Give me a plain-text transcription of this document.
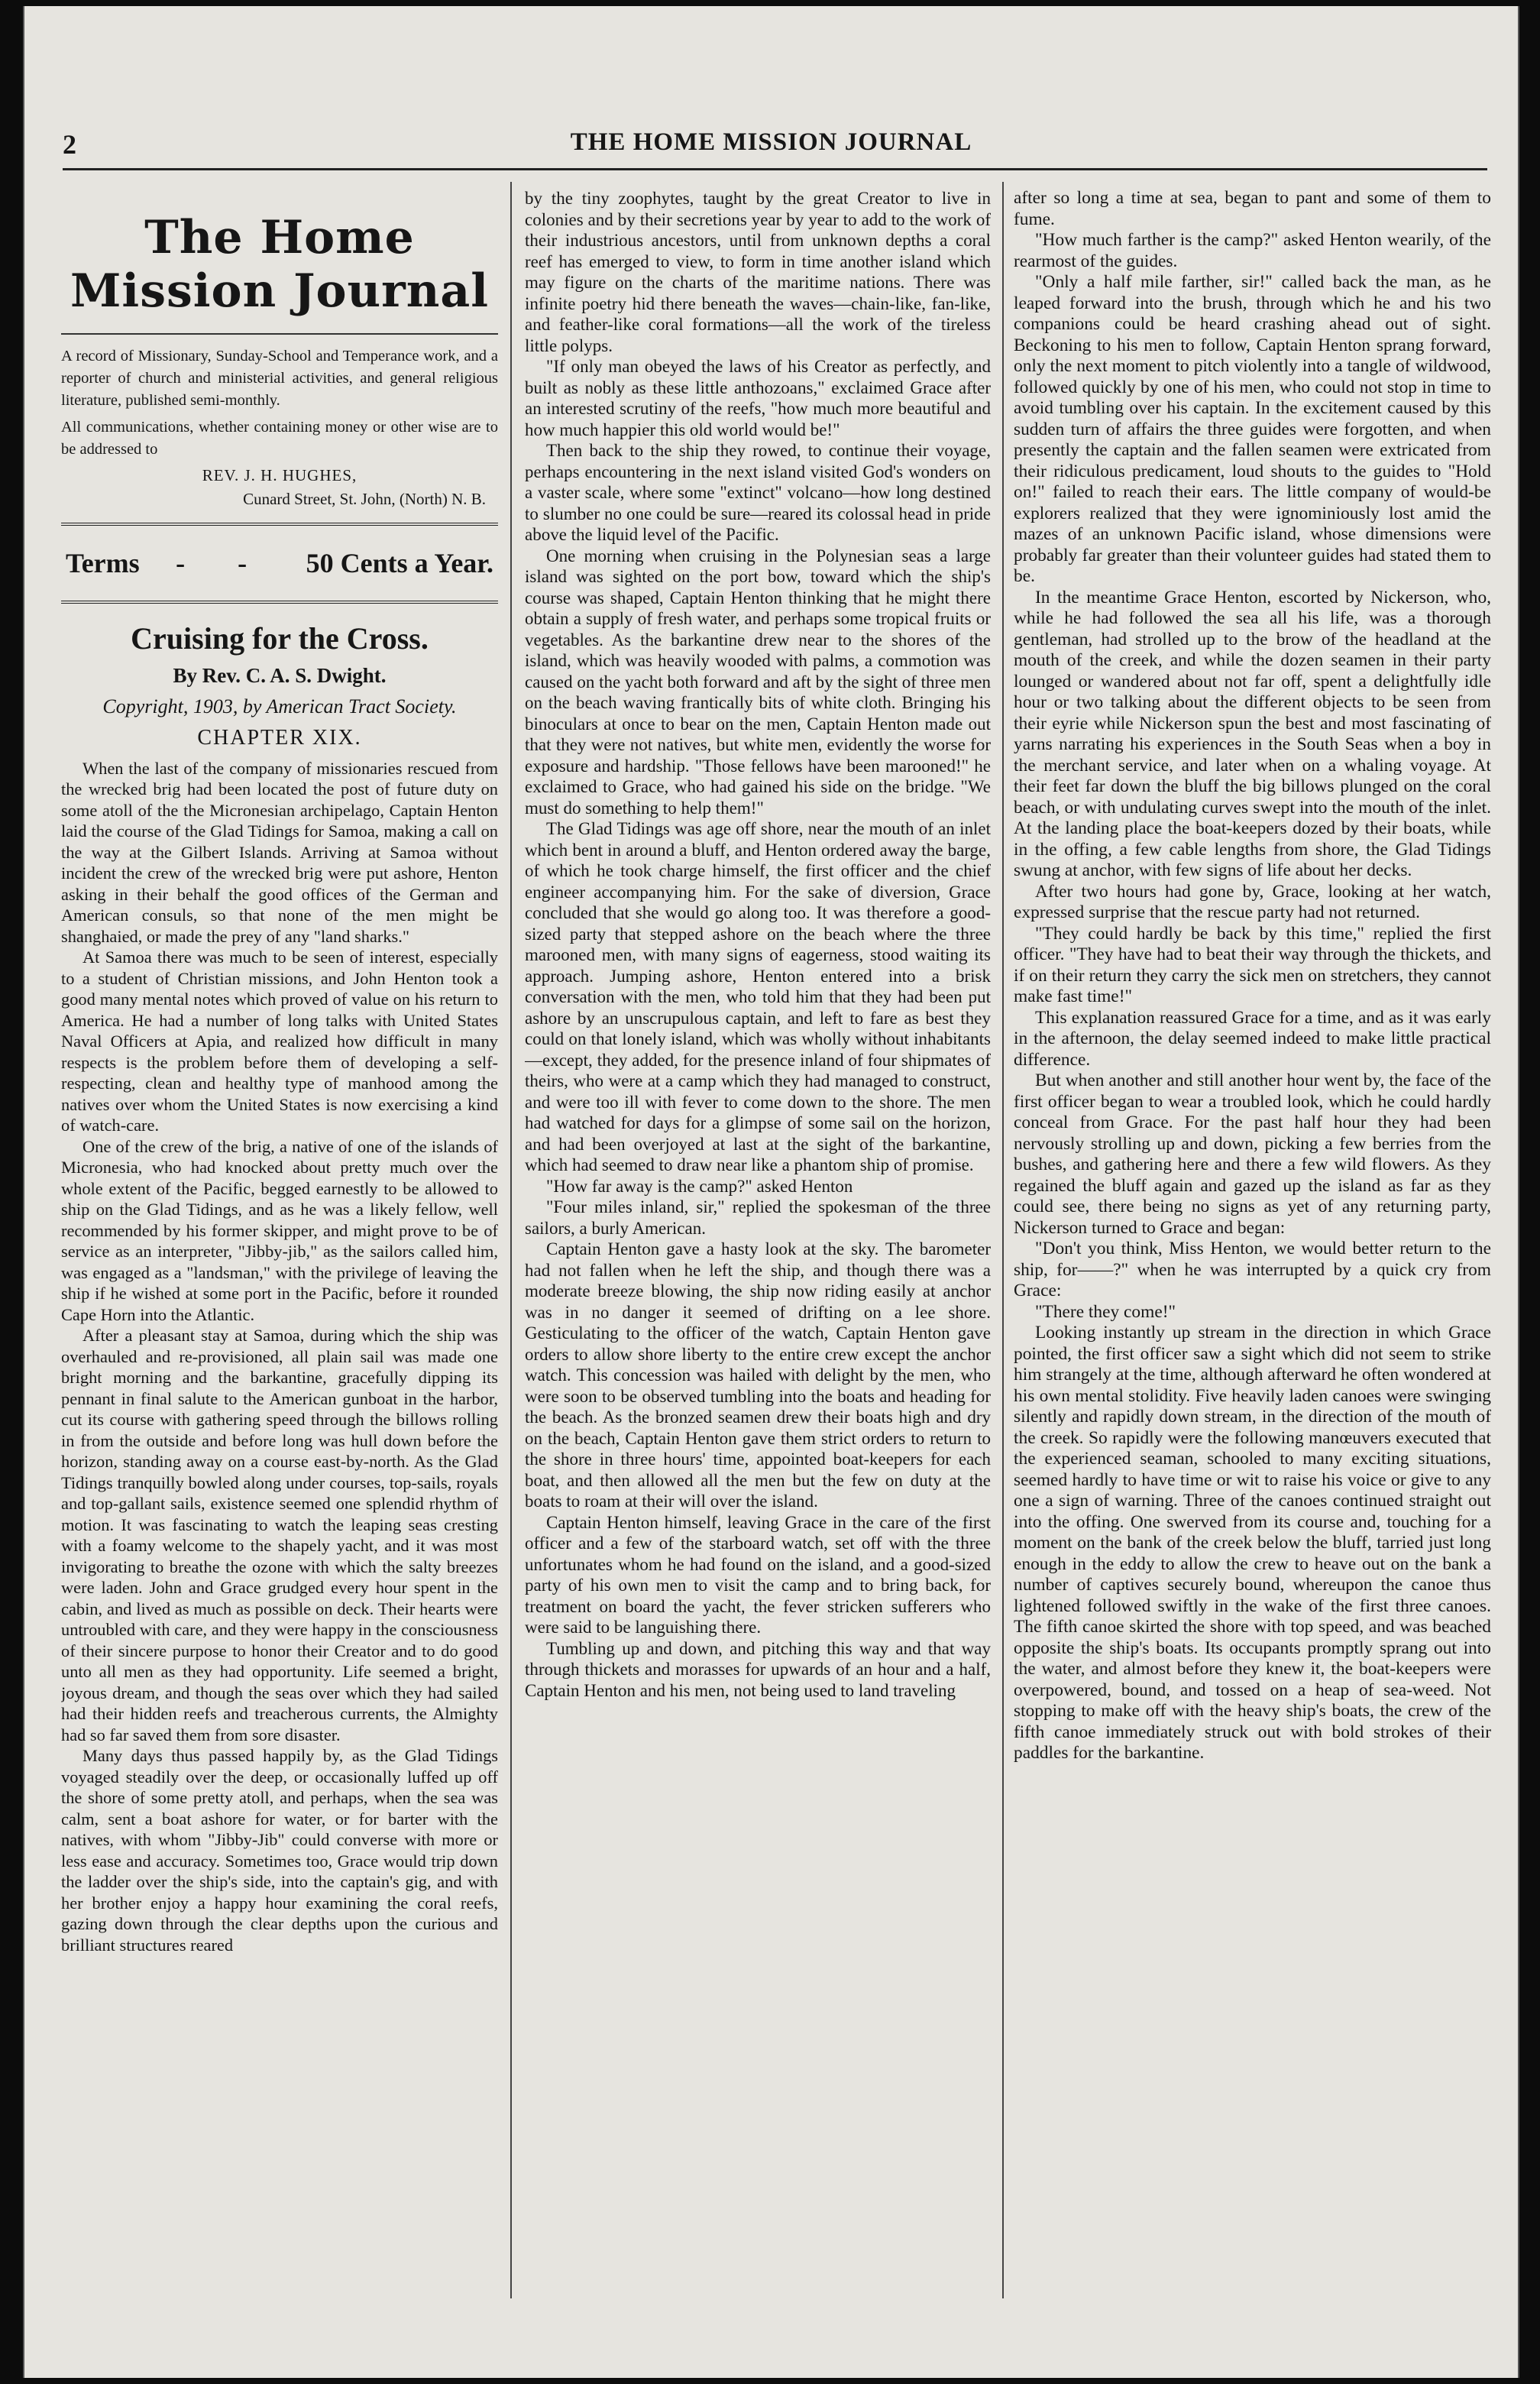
2	THE HOME MISSION JOURNAL
The Home Mission Journal

A record of Missionary, Sunday-School and Temperance work, and a reporter of church and ministerial activities, and general religious literature, published semi-monthly.

All communications, whether containing money or other wise are to be addressed to

REV. J. H. HUGHES,
Cunard Street, St. John, (North) N. B.
Terms - - 50 Cents a Year.
Cruising for the Cross.
By Rev. C. A. S. Dwight.
Copyright, 1903, by American Tract Society.
CHAPTER XIX.

When the last of the company of missionaries rescued from the wrecked brig had been located the post of future duty on some atoll of the the Micronesian archipelago, Captain Henton laid the course of the Glad Tidings for Samoa, making a call on the way at the Gilbert Islands. Arriving at Samoa without incident the crew of the wrecked brig were put ashore, Henton asking in their behalf the good offices of the German and American consuls, so that none of the men might be shanghaied, or made the prey of any "land sharks."

At Samoa there was much to be seen of interest, especially to a student of Christian missions, and John Henton took a good many mental notes which proved of value on his return to America. He had a number of long talks with United States Naval Officers at Apia, and realized how difficult in many respects is the problem before them of developing a self-respecting, clean and healthy type of manhood among the natives over whom the United States is now exercising a kind of watch-care.

One of the crew of the brig, a native of one of the islands of Micronesia, who had knocked about pretty much over the whole extent of the Pacific, begged earnestly to be allowed to ship on the Glad Tidings, and as he was a likely fellow, well recommended by his former skipper, and might prove to be of service as an interpreter, "Jibby-jib," as the sailors called him, was engaged as a "landsman," with the privilege of leaving the ship if he wished at some port in the Pacific, before it rounded Cape Horn into the Atlantic.

After a pleasant stay at Samoa, during which the ship was overhauled and re-provisioned, all plain sail was made one bright morning and the barkantine, gracefully dipping its pennant in final salute to the American gunboat in the harbor, cut its course with gathering speed through the billows rolling in from the outside and before long was hull down before the horizon, standing away on a course east-by-north. As the Glad Tidings tranquilly bowled along under courses, top-sails, royals and top-gallant sails, existence seemed one splendid rhythm of motion. It was fascinating to watch the leaping seas cresting with a foamy welcome to the shapely yacht, and it was most invigorating to breathe the ozone with which the salty breezes were laden. John and Grace grudged every hour spent in the cabin, and lived as much as possible on deck. Their hearts were untroubled with care, and they were happy in the consciousness of their sincere purpose to honor their Creator and to do good unto all men as they had opportunity. Life seemed a bright, joyous dream, and though the seas over which they had sailed had their hidden reefs and treacherous currents, the Almighty had so far saved them from sore disaster.

Many days thus passed happily by, as the Glad Tidings voyaged steadily over the deep, or occasionally luffed up off the shore of some pretty atoll, and perhaps, when the sea was calm, sent a boat ashore for water, or for barter with the natives, with whom "Jibby-Jib" could converse with more or less ease and accuracy. Sometimes too, Grace would trip down the ladder over the ship's side, into the captain's gig, and with her brother enjoy a happy hour examining the coral reefs, gazing down through the clear depths upon the curious and brilliant structures reared

by the tiny zoophytes, taught by the great Creator to live in colonies and by their secretions year by year to add to the work of their industrious ancestors, until from unknown depths a coral reef has emerged to view, to form in time another island which may figure on the charts of the maritime nations. There was infinite poetry hid there beneath the waves—chain-like, fan-like, and feather-like coral formations—all the work of the tireless little polyps.

"If only man obeyed the laws of his Creator as perfectly, and built as nobly as these little anthozoans," exclaimed Grace after an interested scrutiny of the reefs, "how much more beautiful and how much happier this old world would be!"

Then back to the ship they rowed, to continue their voyage, perhaps encountering in the next island visited God's wonders on a vaster scale, where some "extinct" volcano—how long destined to slumber no one could be sure—reared its colossal head in pride above the liquid level of the Pacific.

One morning when cruising in the Polynesian seas a large island was sighted on the port bow, toward which the ship's course was shaped, Captain Henton thinking that he might there obtain a supply of fresh water, and perhaps some tropical fruits or vegetables. As the barkantine drew near to the shores of the island, which was heavily wooded with palms, a commotion was caused on the yacht both forward and aft by the sight of three men on the beach waving frantically bits of white cloth. Bringing his binoculars at once to bear on the men, Captain Henton made out that they were not natives, but white men, evidently the worse for exposure and hardship. "Those fellows have been marooned!" he exclaimed to Grace, who had gained his side on the bridge. "We must do something to help them!"

The Glad Tidings was age off shore, near the mouth of an inlet which bent in around a bluff, and Henton ordered away the barge, of which he took charge himself, the first officer and the chief engineer accompanying him. For the sake of diversion, Grace concluded that she would go along too. It was therefore a good-sized party that stepped ashore on the beach where the three marooned men, with many signs of eagerness, stood waiting its approach. Jumping ashore, Henton entered into a brisk conversation with the men, who told him that they had been put ashore by an unscrupulous captain, and left to fare as best they could on that lonely island, which was wholly without inhabitants—except, they added, for the presence inland of four shipmates of theirs, who were at a camp which they had managed to construct, and were too ill with fever to come down to the shore. The men had watched for days for a glimpse of some sail on the horizon, and had been overjoyed at last at the sight of the barkantine, which had seemed to draw near like a phantom ship of promise.

"How far away is the camp?" asked Henton

"Four miles inland, sir," replied the spokesman of the three sailors, a burly American.

Captain Henton gave a hasty look at the sky. The barometer had not fallen when he left the ship, and though there was a moderate breeze blowing, the ship now riding easily at anchor was in no danger it seemed of drifting on a lee shore. Gesticulating to the officer of the watch, Captain Henton gave orders to allow shore liberty to the entire crew except the anchor watch. This concession was hailed with delight by the men, who were soon to be observed tumbling into the boats and heading for the beach. As the bronzed seamen drew their boats high and dry on the beach, Captain Henton gave them strict orders to return to the shore in three hours' time, appointed boat-keepers for each boat, and then allowed all the men but the few on duty at the boats to roam at their will over the island.

Captain Henton himself, leaving Grace in the care of the first officer and a few of the starboard watch, set off with the three unfortunates whom he had found on the island, and a good-sized party of his own men to visit the camp and to bring back, for treatment on board the yacht, the fever stricken sufferers who were said to be languishing there.

Tumbling up and down, and pitching this way and that way through thickets and morasses for upwards of an hour and a half, Captain Henton and his men, not being used to land traveling

after so long a time at sea, began to pant and some of them to fume.

"How much farther is the camp?" asked Henton wearily, of the rearmost of the guides.

"Only a half mile farther, sir!" called back the man, as he leaped forward into the brush, through which he and his two companions could be heard crashing ahead out of sight. Beckoning to his men to follow, Captain Henton sprang forward, only the next moment to pitch violently into a tangle of wildwood, followed quickly by one of his men, who could not stop in time to avoid tumbling over his captain. In the excitement caused by this sudden turn of affairs the three guides were forgotten, and when presently the captain and the fallen seamen were extricated from their ridiculous predicament, loud shouts to the guides to "Hold on!" failed to reach their ears. The little company of would-be explorers realized that they were ignominiously lost amid the mazes of an unknown Pacific island, whose dimensions were probably far greater than their volunteer guides had stated them to be.

In the meantime Grace Henton, escorted by Nickerson, who, while he had followed the sea all his life, was a thorough gentleman, had strolled up to the brow of the headland at the mouth of the creek, and while the dozen seamen in their party lounged or wandered about not far off, spent a delightfully idle hour or two talking about the different objects to be seen from their eyrie while Nickerson spun the best and most fascinating of yarns narrating his experiences in the South Seas when a boy in the merchant service, and later when on a whaling voyage. At their feet far down the bluff the big billows plunged on the coral beach, or with undulating curves swept into the mouth of the inlet. At the landing place the boat-keepers dozed by their boats, while in the offing, a few cable lengths from shore, the Glad Tidings swung at anchor, with few signs of life about her decks.

After two hours had gone by, Grace, looking at her watch, expressed surprise that the rescue party had not returned.

"They could hardly be back by this time," replied the first officer. "They have had to beat their way through the thickets, and if on their return they carry the sick men on stretchers, they cannot make fast time!"

This explanation reassured Grace for a time, and as it was early in the afternoon, the delay seemed indeed to make little practical difference.

But when another and still another hour went by, the face of the first officer began to wear a troubled look, which he could hardly conceal from Grace. For the past half hour they had been nervously strolling up and down, picking a few berries from the bushes, and gathering here and there a few wild flowers. As they regained the bluff again and gazed up the island as far as they could see, there being no signs as yet of any returning party, Nickerson turned to Grace and began:

"Don't you think, Miss Henton, we would better return to the ship, for——?" when he was interrupted by a quick cry from Grace:

"There they come!"

Looking instantly up stream in the direction in which Grace pointed, the first officer saw a sight which did not seem to strike him strangely at the time, although afterward he often wondered at his own mental stolidity. Five heavily laden canoes were swinging silently and rapidly down stream, in the direction of the mouth of the creek. So rapidly were the following manœuvers executed that the experienced seaman, schooled to many exciting situations, seemed hardly to have time or wit to raise his voice or give to any one a sign of warning. Three of the canoes continued straight out into the offing. One swerved from its course and, touching for a moment on the bank of the creek below the bluff, tarried just long enough in the eddy to allow the crew to heave out on the bank a number of captives securely bound, whereupon the canoe thus lightened followed swiftly in the wake of the first three canoes. The fifth canoe skirted the shore with top speed, and was beached opposite the ship's boats. Its occupants promptly sprang out into the water, and almost before they knew it, the boat-keepers were overpowered, bound, and tossed on a heap of sea-weed. Not stopping to make off with the heavy ship's boats, the crew of the fifth canoe immediately struck out with bold strokes of their paddles for the barkantine.
